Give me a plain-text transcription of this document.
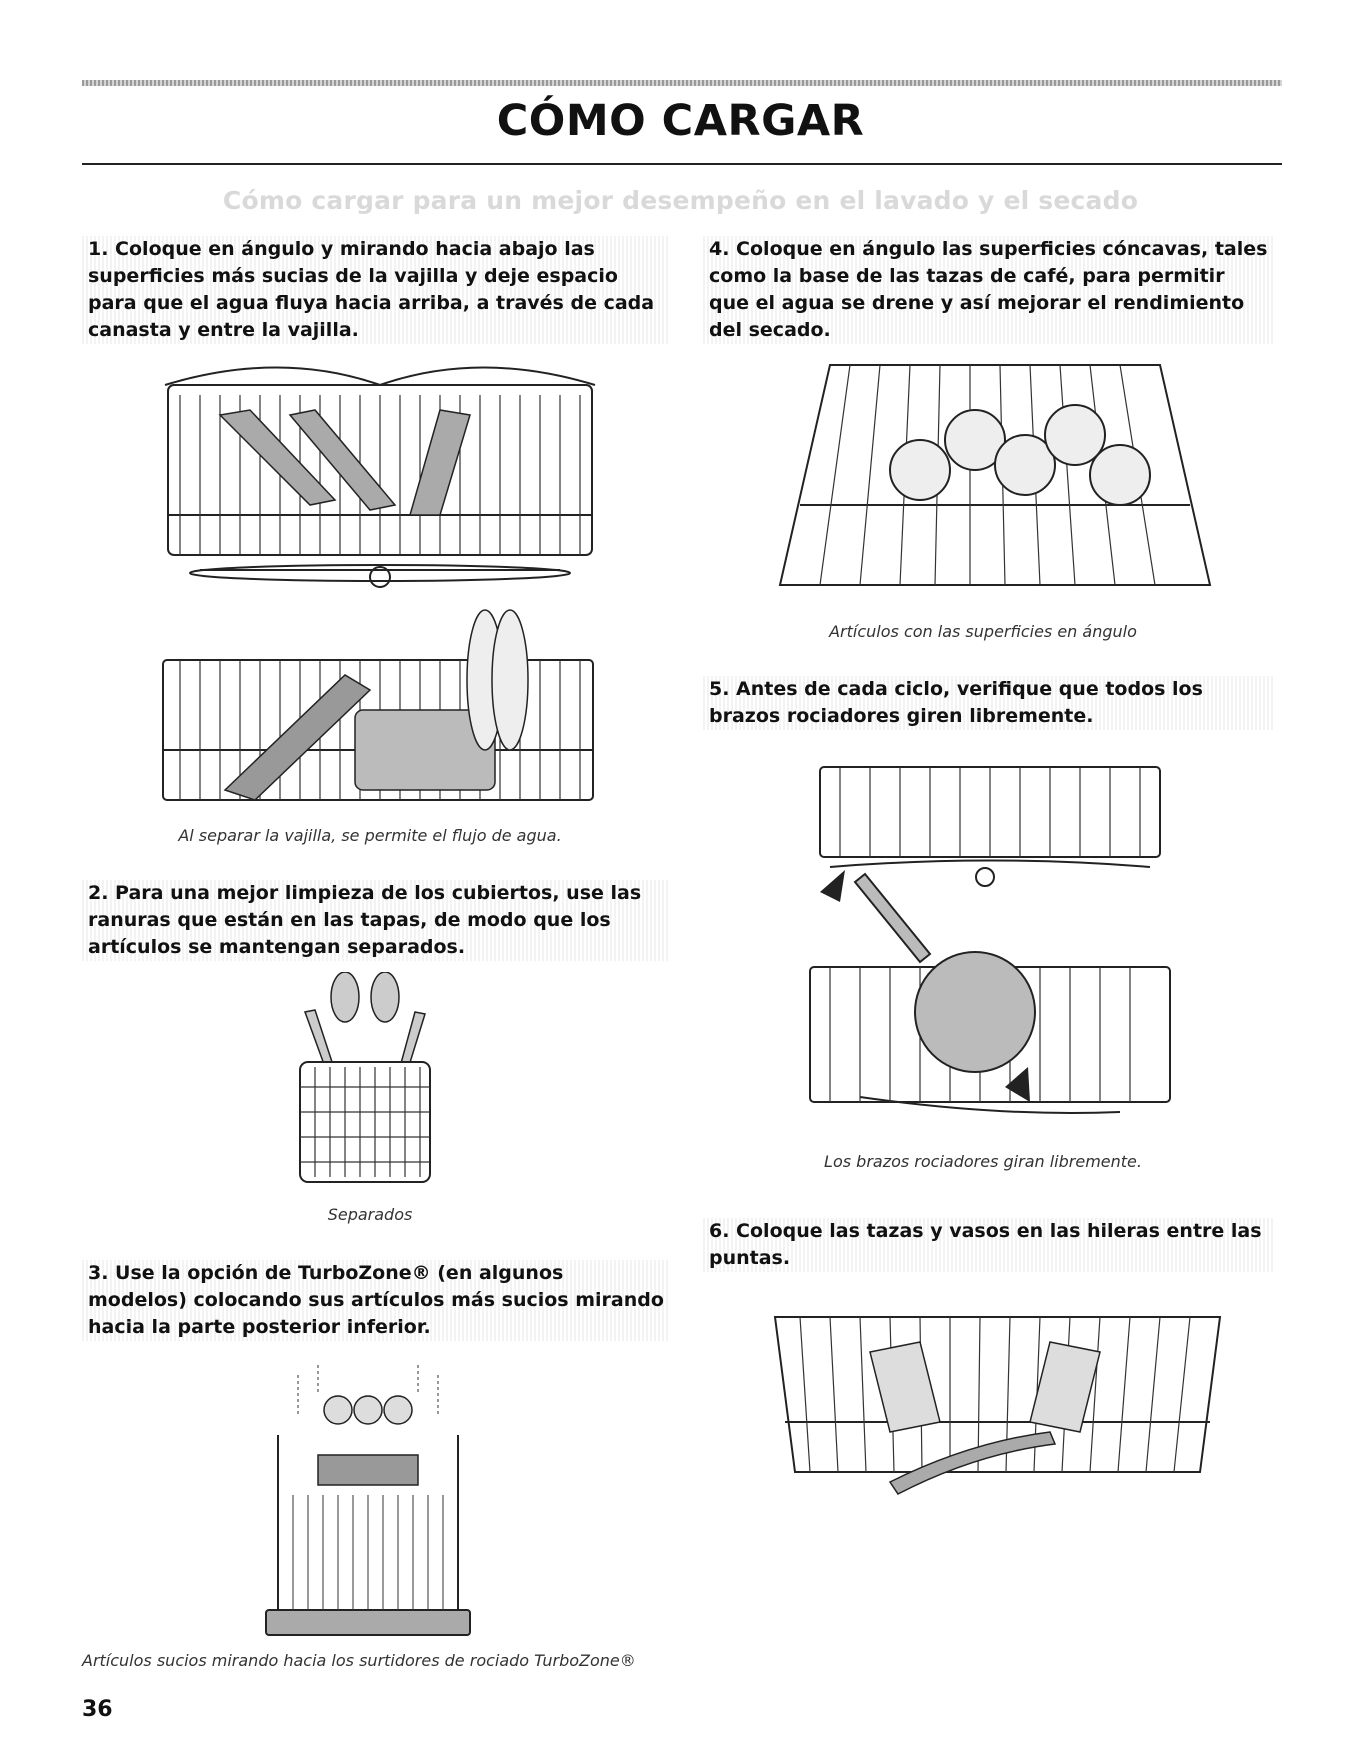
CÓMO CARGAR
Cómo cargar para un mejor desempeño en el lavado y el secado

1. Coloque en ángulo y mirando hacia abajo las superficies más sucias de la vajilla y deje espacio para que el agua fluya hacia arriba, a través de cada canasta y entre la vajilla.

Al separar la vajilla, se permite el flujo de agua.

2. Para una mejor limpieza de los cubiertos, use las ranuras que están en las tapas, de modo que los artículos se mantengan separados.

Separados

3. Use la opción de TurboZone® (en algunos modelos) colocando sus artículos más sucios mirando hacia la parte posterior inferior.

Artículos sucios mirando hacia los surtidores de rociado TurboZone®

4. Coloque en ángulo las superficies cóncavas, tales como la base de las tazas de café, para permitir que el agua se drene y así mejorar el rendimiento del secado.

Artículos con las superficies en ángulo

5. Antes de cada ciclo, verifique que todos los brazos rociadores giren libremente.

Los brazos rociadores giran libremente.

6. Coloque las tazas y vasos en las hileras entre las puntas.

36
